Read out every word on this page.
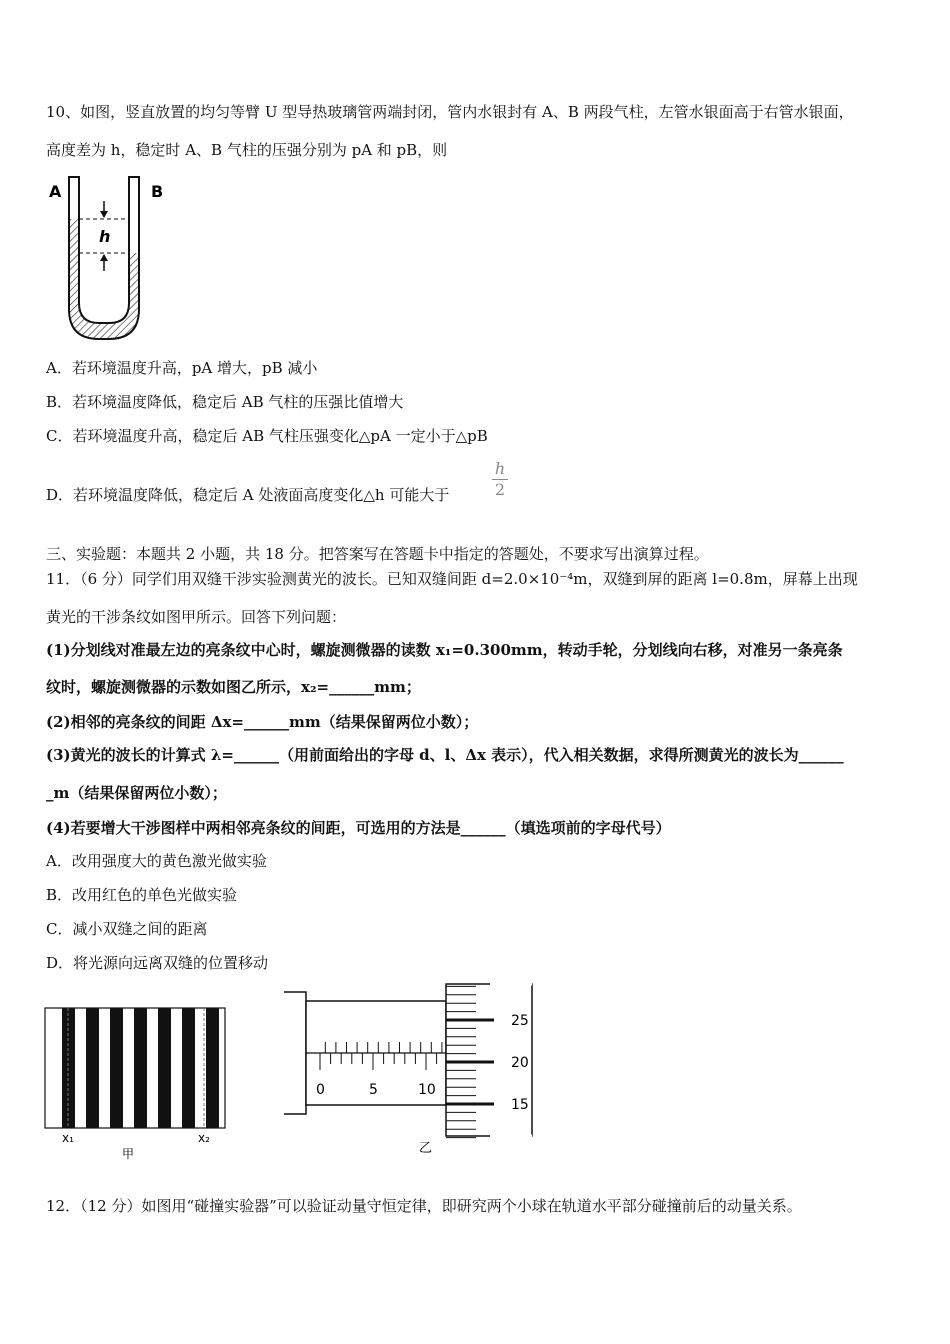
10、如图，竖直放置的均匀等臂 U 型导热玻璃管两端封闭，管内水银封有 A、B 两段气柱，左管水银面高于右管水银面，
高度差为 h，稳定时 A、B 气柱的压强分别为 pA 和 pB，则
A	B
h
A．若环境温度升高，pA 增大，pB 减小
B．若环境温度降低，稳定后 AB 气柱的压强比值增大
C．若环境温度升高，稳定后 AB 气柱压强变化△pA 一定小于△pB
D．若环境温度降低，稳定后 A 处液面高度变化△h 可能大于	$\frac{h}{2}$
三、实验题：本题共 2 小题，共 18 分。把答案写在答题卡中指定的答题处，不要求写出演算过程。
11．（6 分）同学们用双缝干涉实验测黄光的波长。已知双缝间距 d=2.0×10⁻⁴m，双缝到屏的距离 l=0.8m，屏幕上出现
黄光的干涉条纹如图甲所示。回答下列问题：
(1)分划线对准最左边的亮条纹中心时，螺旋测微器的读数 x₁=0.300mm，转动手轮，分划线向右移，对准另一条亮条
纹时，螺旋测微器的示数如图乙所示，x₂=______mm；
(2)相邻的亮条纹的间距 Δx=______mm（结果保留两位小数）；
(3)黄光的波长的计算式 λ=______（用前面给出的字母 d、l、Δx 表示），代入相关数据，求得所测黄光的波长为______
_m（结果保留两位小数）；
(4)若要增大干涉图样中两相邻亮条纹的间距，可选用的方法是______（填选项前的字母代号）
A．改用强度大的黄色激光做实验
B．改用红色的单色光做实验
C．减小双缝之间的距离
D．将光源向远离双缝的位置移动
x₁	x₂
甲
0	5	10
25
20
15
乙
12．（12 分）如图用“碰撞实验器”可以验证动量守恒定律，即研究两个小球在轨道水平部分碰撞前后的动量关系。
